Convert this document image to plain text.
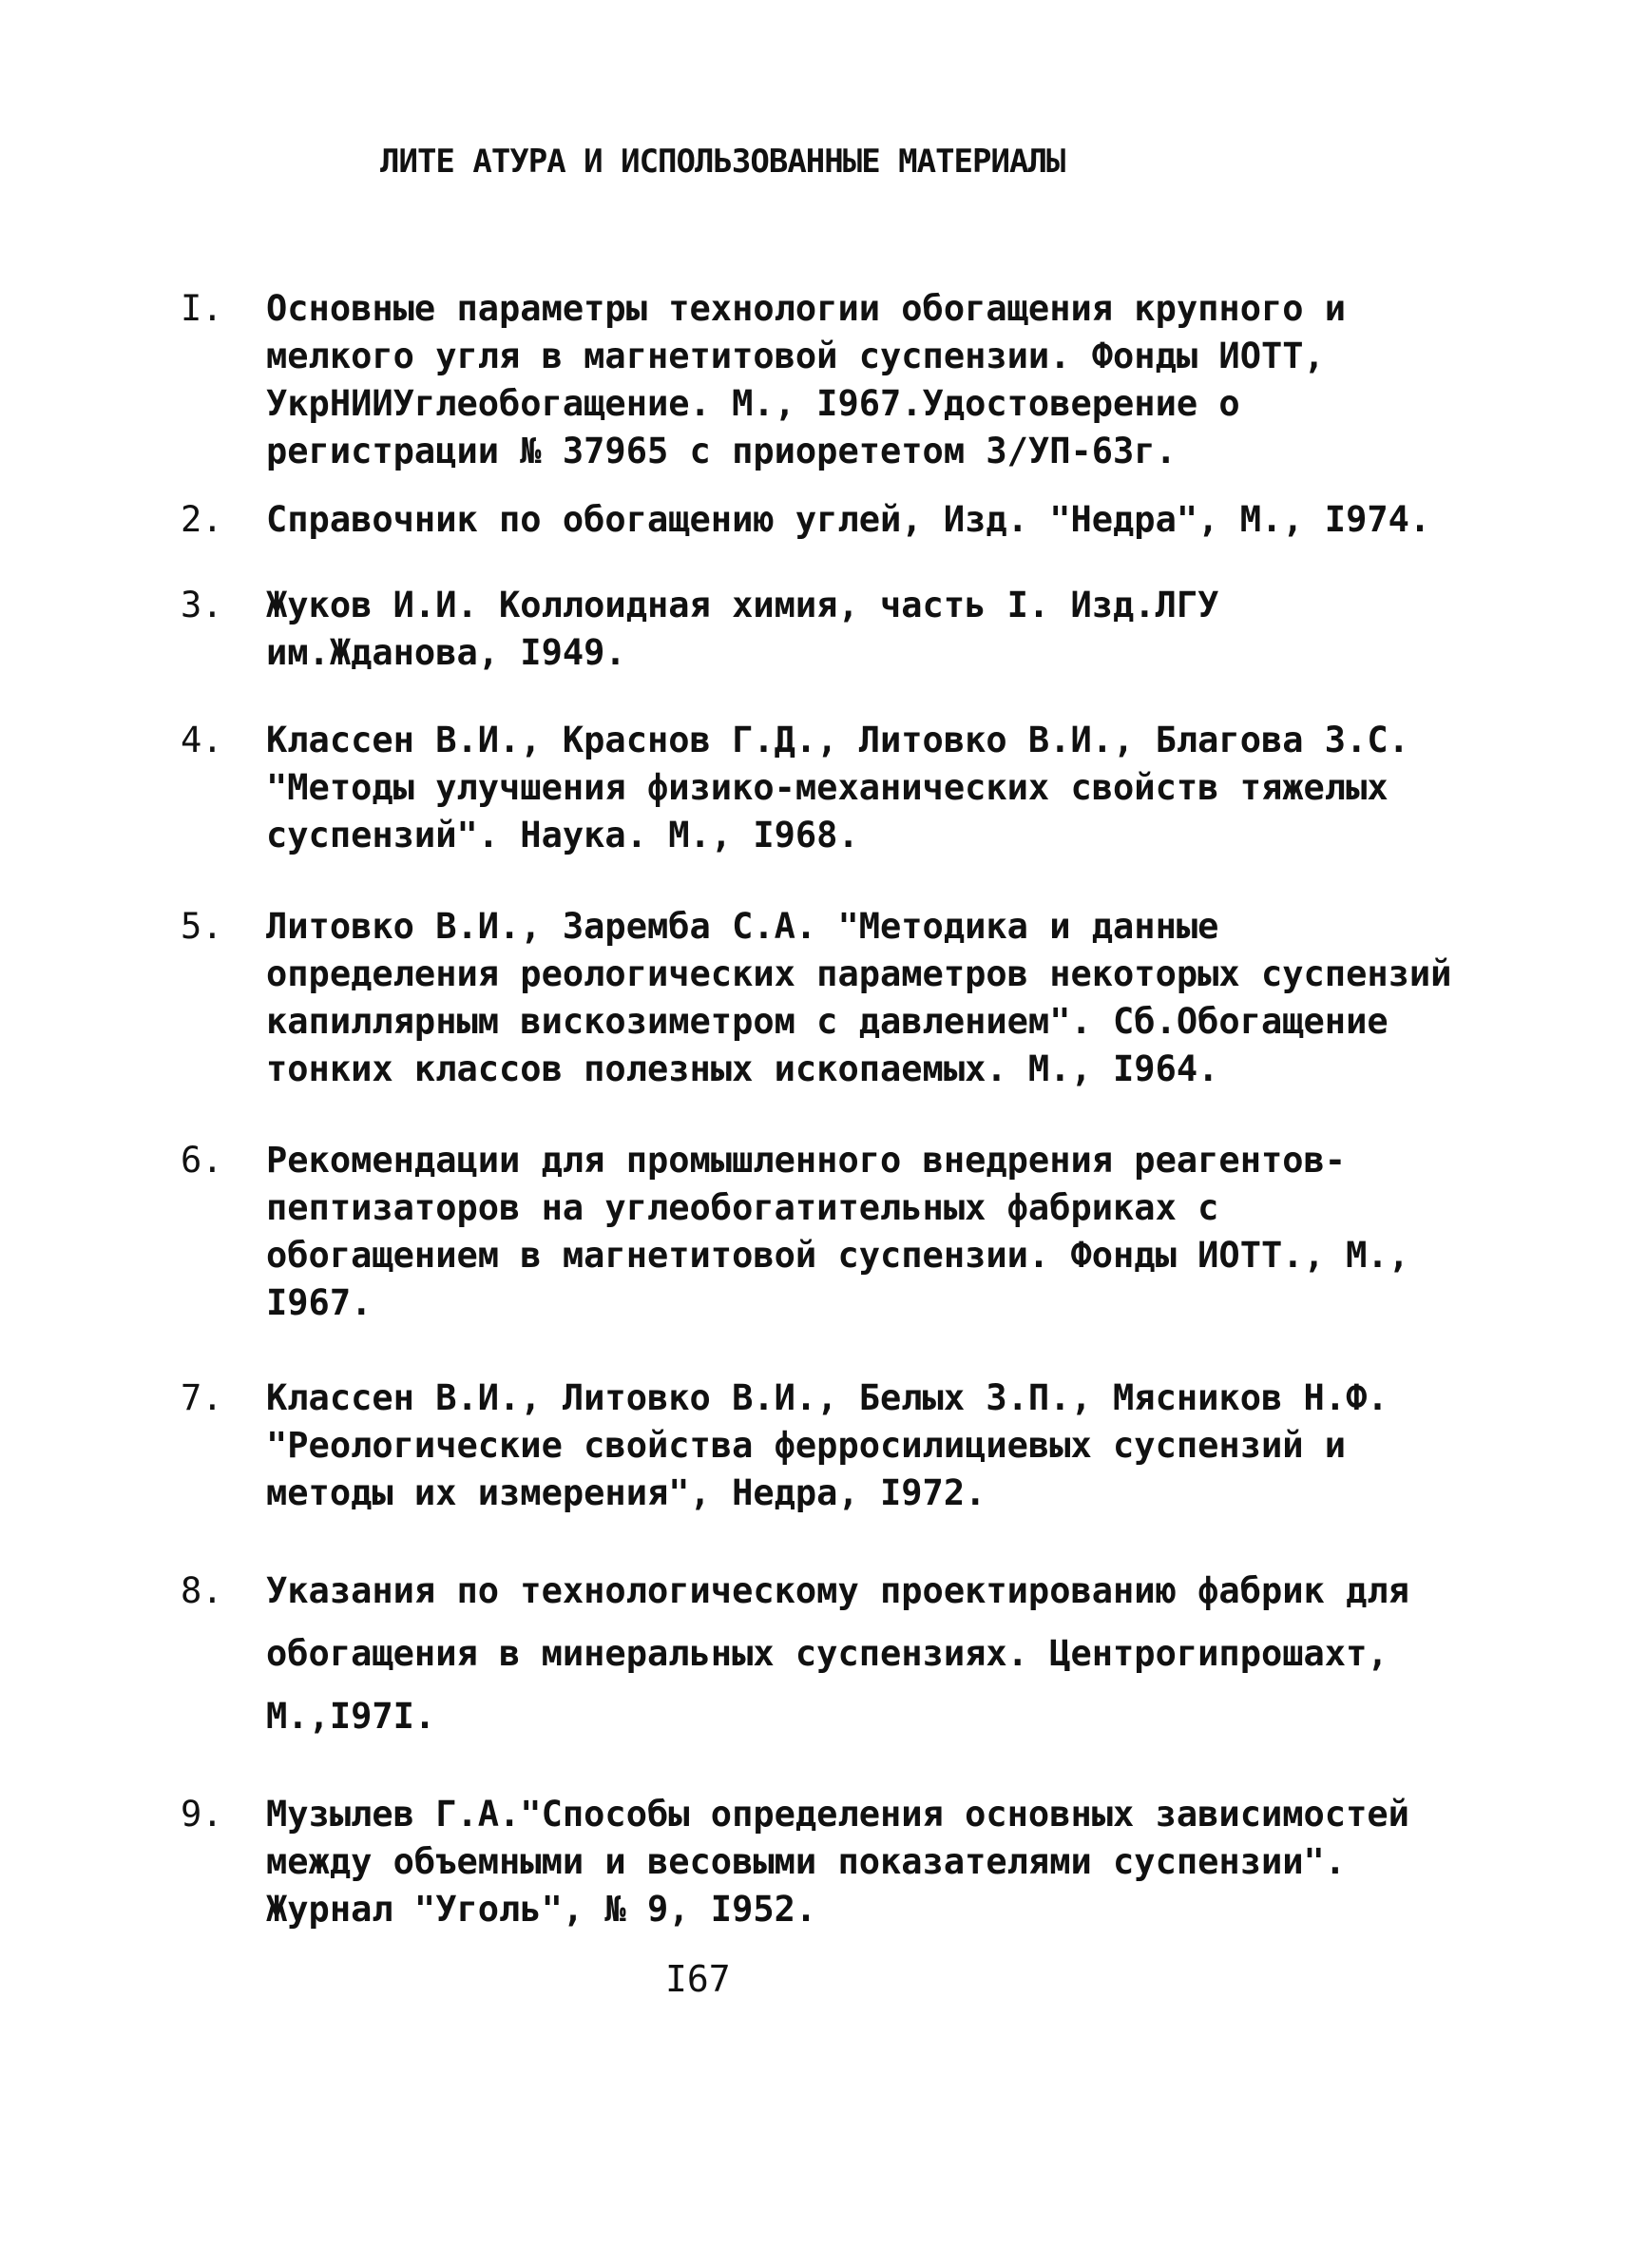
ЛИТЕ АТУРА И ИСПОЛЬЗОВАННЫЕ МАТЕРИАЛЫ
I. Основные параметры технологии обогащения крупного и мелкого угля в магнетитовой суспензии. Фонды ИОТТ, УкрНИИУглеобогащение. М., I967.Удостоверение о регистрации № 37965 с приорететом 3/УП-63г.
2. Справочник по обогащению углей, Изд. "Недра", М., I974.
3. Жуков И.И. Коллоидная химия, часть I. Изд.ЛГУ им.Жданова, I949.
4. Классен В.И., Краснов Г.Д., Литовко В.И., Благова З.С. "Методы улучшения физико-механических свойств тяжелых суспензий". Наука. М., I968.
5. Литовко В.И., Заремба С.А. "Методика и данные определения реологических параметров некоторых суспензий капиллярным вискозиметром с давлением". Сб.Обогащение тонких классов полезных ископаемых. М., I964.
6. Рекомендации для промышленного внедрения реагентов-пептизаторов на углеобогатительных фабриках с обогащением в магнетитовой суспензии. Фонды ИОТТ., М., I967.
7. Классен В.И., Литовко В.И., Белых З.П., Мясников Н.Ф. "Реологические свойства ферросилициевых суспензий и методы их измерения", Недра, I972.
8. Указания по технологическому проектированию фабрик для обогащения в минеральных суспензиях. Центрогипрошахт, М.,I97I.
9. Музылев Г.А."Способы определения основных зависимостей между объемными и весовыми показателями суспензии". Журнал "Уголь", № 9, I952.
I67
